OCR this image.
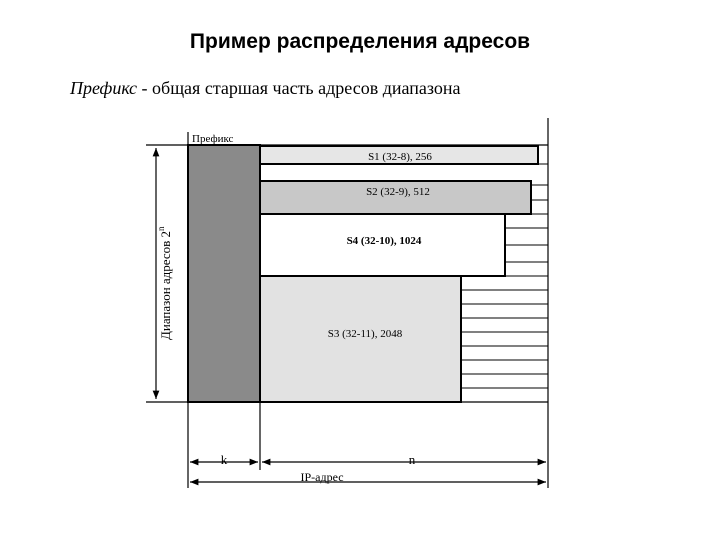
Пример распределения адресов
Префикс - общая старшая часть адресов диапазона
S1 (32-8), 256
S2 (32-9), 512
S4 (32-10), 1024
S3 (32-11), 2048
Префикс
Диапазон адресов 2$^n$
k	n
IP-адрес
